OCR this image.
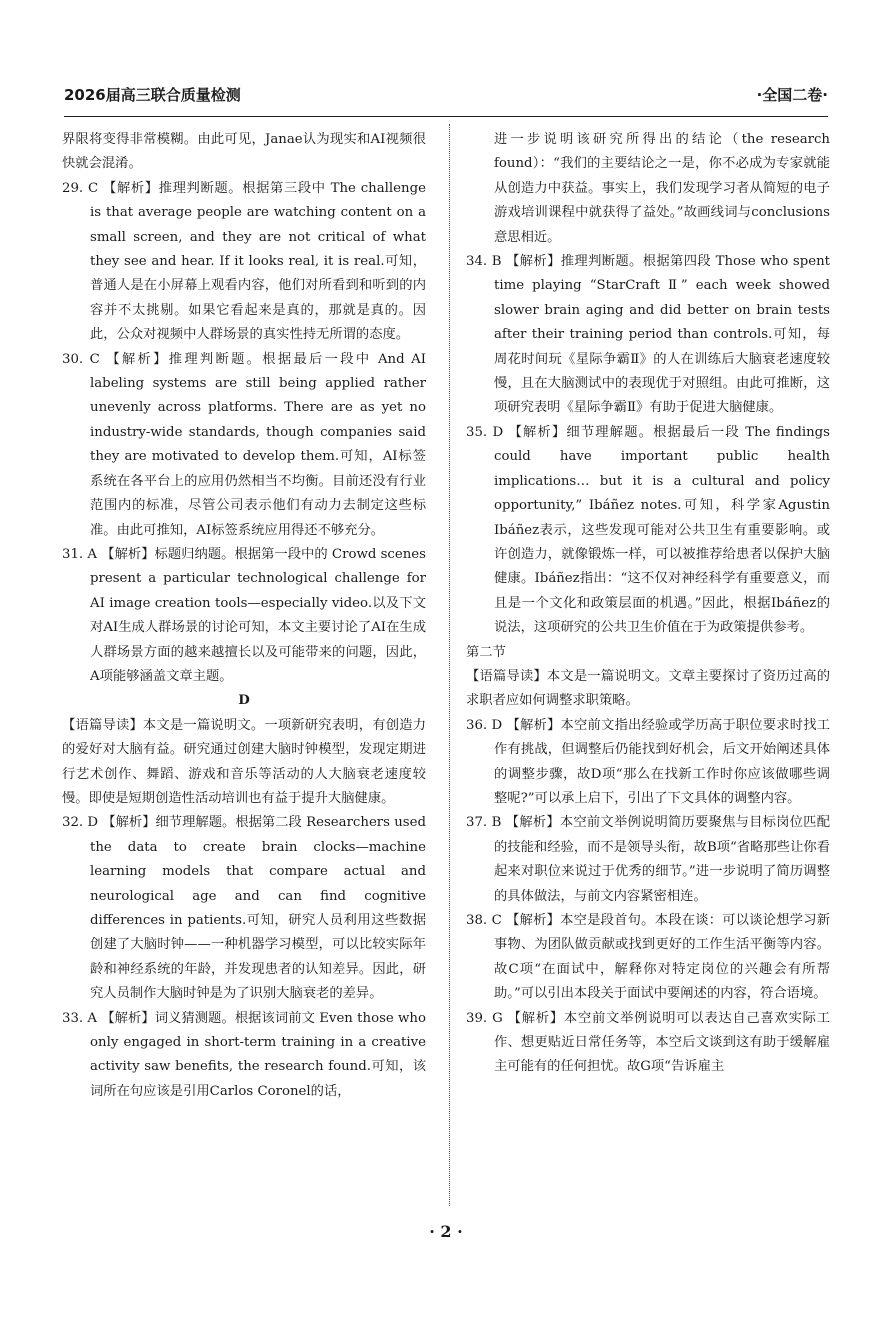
2026届高三联合质量检测	·全国二卷·

界限将变得非常模糊。由此可见，Janae认为现实和AI视频很快就会混淆。

29. C 【解析】推理判断题。根据第三段中 The challenge is that average people are watching content on a small screen, and they are not critical of what they see and hear. If it looks real, it is real.可知，普通人是在小屏幕上观看内容，他们对所看到和听到的内容并不太挑剔。如果它看起来是真的，那就是真的。因此，公众对视频中人群场景的真实性持无所谓的态度。

30. C 【解析】推理判断题。根据最后一段中 And AI labeling systems are still being applied rather unevenly across platforms. There are as yet no industry-wide standards, though companies said they are motivated to develop them.可知，AI标签系统在各平台上的应用仍然相当不均衡。目前还没有行业范围内的标准，尽管公司表示他们有动力去制定这些标准。由此可推知，AI标签系统应用得还不够充分。

31. A 【解析】标题归纳题。根据第一段中的 Crowd scenes present a particular technological challenge for AI image creation tools—especially video.以及下文对AI生成人群场景的讨论可知，本文主要讨论了AI在生成人群场景方面的越来越擅长以及可能带来的问题，因此，A项能够涵盖文章主题。

D

【语篇导读】本文是一篇说明文。一项新研究表明，有创造力的爱好对大脑有益。研究通过创建大脑时钟模型，发现定期进行艺术创作、舞蹈、游戏和音乐等活动的人大脑衰老速度较慢。即使是短期创造性活动培训也有益于提升大脑健康。

32. D 【解析】细节理解题。根据第二段 Researchers used the data to create brain clocks—machine learning models that compare actual and neurological age and can find cognitive differences in patients.可知，研究人员利用这些数据创建了大脑时钟——一种机器学习模型，可以比较实际年龄和神经系统的年龄，并发现患者的认知差异。因此，研究人员制作大脑时钟是为了识别大脑衰老的差异。

33. A 【解析】词义猜测题。根据该词前文 Even those who only engaged in short-term training in a creative activity saw benefits, the research found.可知，该词所在句应该是引用Carlos Coronel的话，

进一步说明该研究所得出的结论（the research found）：“我们的主要结论之一是，你不必成为专家就能从创造力中获益。事实上，我们发现学习者从简短的电子游戏培训课程中就获得了益处。”故画线词与conclusions意思相近。

34. B 【解析】推理判断题。根据第四段 Those who spent time playing “StarCraft Ⅱ” each week showed slower brain aging and did better on brain tests after their training period than controls.可知，每周花时间玩《星际争霸Ⅱ》的人在训练后大脑衰老速度较慢，且在大脑测试中的表现优于对照组。由此可推断，这项研究表明《星际争霸Ⅱ》有助于促进大脑健康。

35. D 【解析】细节理解题。根据最后一段 The findings could have important public health implications… but it is a cultural and policy opportunity,” Ibáñez notes.可知，科学家Agustin Ibáñez表示，这些发现可能对公共卫生有重要影响。或许创造力，就像锻炼一样，可以被推荐给患者以保护大脑健康。Ibáñez指出：“这不仅对神经科学有重要意义，而且是一个文化和政策层面的机遇。”因此，根据Ibáñez的说法，这项研究的公共卫生价值在于为政策提供参考。

第二节

【语篇导读】本文是一篇说明文。文章主要探讨了资历过高的求职者应如何调整求职策略。

36. D 【解析】本空前文指出经验或学历高于职位要求时找工作有挑战，但调整后仍能找到好机会，后文开始阐述具体的调整步骤，故D项“那么在找新工作时你应该做哪些调整呢?”可以承上启下，引出了下文具体的调整内容。

37. B 【解析】本空前文举例说明简历要聚焦与目标岗位匹配的技能和经验，而不是领导头衔，故B项“省略那些让你看起来对职位来说过于优秀的细节。”进一步说明了简历调整的具体做法，与前文内容紧密相连。

38. C 【解析】本空是段首句。本段在谈：可以谈论想学习新事物、为团队做贡献或找到更好的工作生活平衡等内容。故C项“在面试中，解释你对特定岗位的兴趣会有所帮助。”可以引出本段关于面试中要阐述的内容，符合语境。

39. G 【解析】本空前文举例说明可以表达自己喜欢实际工作、想更贴近日常任务等，本空后文谈到这有助于缓解雇主可能有的任何担忧。故G项“告诉雇主

· 2 ·
